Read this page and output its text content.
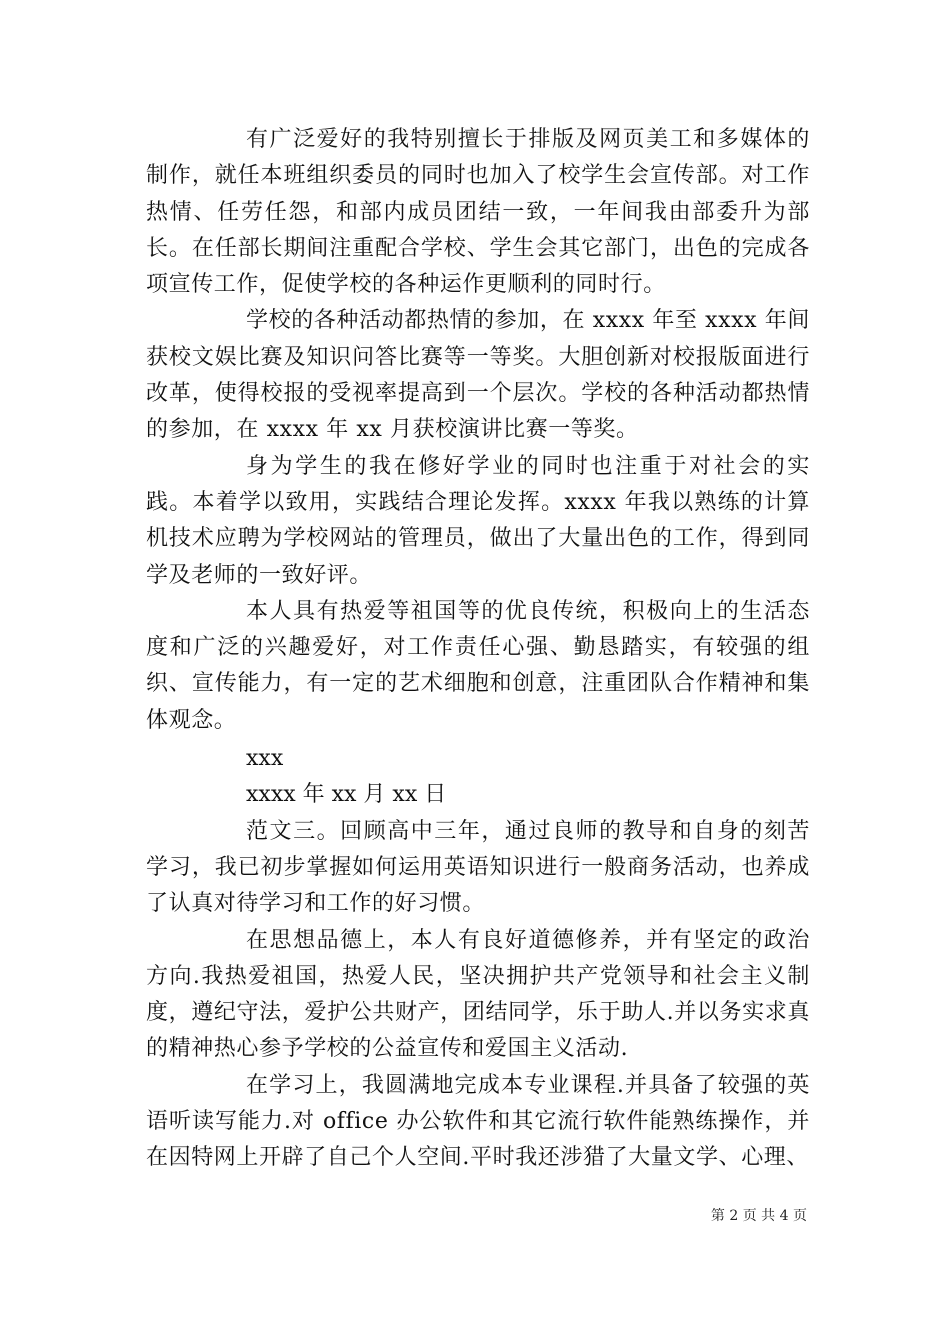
有广泛爱好的我特别擅长于排版及网页美工和多媒体的制作，就任本班组织委员的同时也加入了校学生会宣传部。对工作热情、任劳任怨，和部内成员团结一致，一年间我由部委升为部长。在任部长期间注重配合学校、学生会其它部门，出色的完成各项宣传工作，促使学校的各种运作更顺利的同时行。

学校的各种活动都热情的参加，在 xxxx 年至 xxxx 年间获校文娱比赛及知识问答比赛等一等奖。大胆创新对校报版面进行改革，使得校报的受视率提高到一个层次。学校的各种活动都热情的参加，在 xxxx 年 xx 月获校演讲比赛一等奖。

身为学生的我在修好学业的同时也注重于对社会的实践。本着学以致用，实践结合理论发挥。xxxx 年我以熟练的计算机技术应聘为学校网站的管理员，做出了大量出色的工作，得到同学及老师的一致好评。

本人具有热爱等祖国等的优良传统，积极向上的生活态度和广泛的兴趣爱好，对工作责任心强、勤恳踏实，有较强的组织、宣传能力，有一定的艺术细胞和创意，注重团队合作精神和集体观念。

xxx

xxxx 年 xx 月 xx 日

范文三。回顾高中三年，通过良师的教导和自身的刻苦学习，我已初步掌握如何运用英语知识进行一般商务活动，也养成了认真对待学习和工作的好习惯。

在思想品德上，本人有良好道德修养，并有坚定的政治方向.我热爱祖国，热爱人民，坚决拥护共产党领导和社会主义制度，遵纪守法，爱护公共财产，团结同学，乐于助人.并以务实求真的精神热心参予学校的公益宣传和爱国主义活动.

在学习上，我圆满地完成本专业课程.并具备了较强的英语听读写能力.对 office 办公软件和其它流行软件能熟练操作，并在因特网上开辟了自己个人空间.平时我还涉猎了大量文学、心理、

第 2 页 共 4 页
